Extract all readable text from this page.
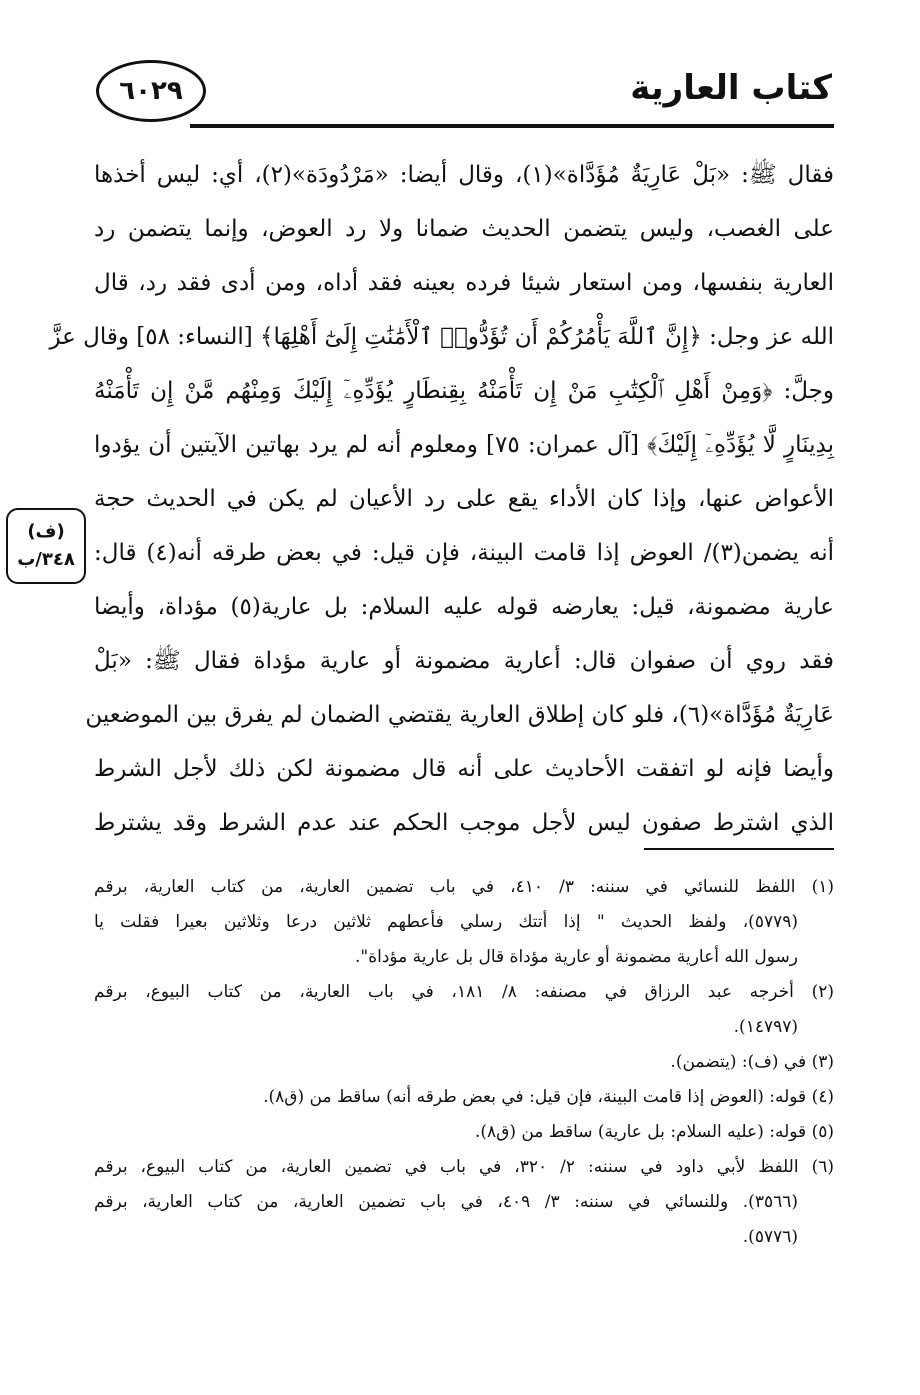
كتاب العارية
٦٠٢٩
(ف)
٣٤٨/ب
فقال ﷺ: «بَلْ عَارِيَةٌ مُؤَدَّاة»(١)، وقال أيضا: «مَرْدُودَة»(٢)، أي: ليس أخذها
على الغصب، وليس يتضمن الحديث ضمانا ولا رد العوض، وإنما يتضمن رد
العارية بنفسها، ومن استعار شيئا فرده بعينه فقد أداه، ومن أدى فقد رد، قال
الله عز وجل: ﴿إِنَّ ٱللَّهَ يَأْمُرُكُمْ أَن تُؤَدُّوا۟ ٱلْأَمَٰنَٰتِ إِلَىٰٓ أَهْلِهَا﴾ [النساء: ٥٨] وقال عزَّ
وجلَّ: ﴿وَمِنْ أَهْلِ ٱلْكِتَٰبِ مَنْ إِن تَأْمَنْهُ بِقِنطَارٍ يُؤَدِّهِۦٓ إِلَيْكَ وَمِنْهُم مَّنْ إِن تَأْمَنْهُ
بِدِينَارٍ لَّا يُؤَدِّهِۦٓ إِلَيْكَ﴾ [آل عمران: ٧٥] ومعلوم أنه لم يرد بهاتين الآيتين أن يؤدوا
الأعواض عنها، وإذا كان الأداء يقع على رد الأعيان لم يكن في الحديث حجة
أنه يضمن(٣)/ العوض إذا قامت البينة، فإن قيل: في بعض طرقه أنه(٤) قال:
عارية مضمونة، قيل: يعارضه قوله عليه السلام: بل عارية(٥) مؤداة، وأيضا
فقد روي أن صفوان قال: أعارية مضمونة أو عارية مؤداة فقال ﷺ: «بَلْ
عَارِيَةٌ مُؤَدَّاة»(٦)، فلو كان إطلاق العارية يقتضي الضمان لم يفرق بين الموضعين
وأيضا فإنه لو اتفقت الأحاديث على أنه قال مضمونة لكن ذلك لأجل الشرط
الذي اشترط صفون ليس لأجل موجب الحكم عند عدم الشرط وقد يشترط
(١) اللفظ للنسائي في سننه: ٣/ ٤١٠، في باب تضمين العارية، من كتاب العارية، برقم
(٥٧٧٩)، ولفظ الحديث " إذا أتتك رسلي فأعطهم ثلاثين درعا وثلاثين بعيرا فقلت يا
رسول الله أعارية مضمونة أو عارية مؤداة قال بل عارية مؤداة".
(٢) أخرجه عبد الرزاق في مصنفه: ٨/ ١٨١، في باب العارية، من كتاب البيوع، برقم
(١٤٧٩٧).
(٣) في (ف): (يتضمن).
(٤) قوله: (العوض إذا قامت البينة، فإن قيل: في بعض طرقه أنه) ساقط من (ق٨).
(٥) قوله: (عليه السلام: بل عارية) ساقط من (ق٨).
(٦) اللفظ لأبي داود في سننه: ٢/ ٣٢٠، في باب في تضمين العارية، من كتاب البيوع، برقم
(٣٥٦٦). وللنسائي في سننه: ٣/ ٤٠٩، في باب تضمين العارية، من كتاب العارية، برقم
(٥٧٧٦).
